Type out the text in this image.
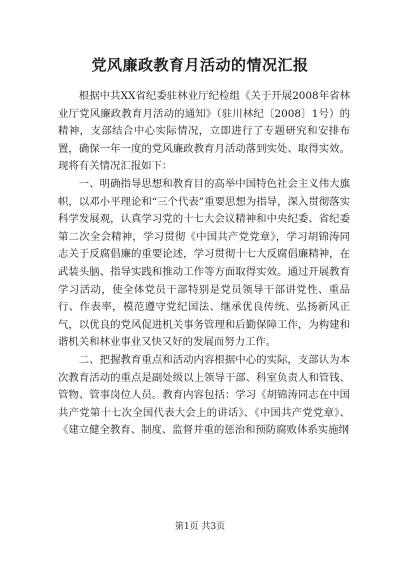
党风廉政教育月活动的情况汇报

根据中共XX省纪委驻林业厅纪检组《关于开展2008年省林业厅党风廉政教育月活动的通知》（驻川林纪〔2008〕1号）的精神，支部结合中心实际情况，立即进行了专题研究和安排布置，确保一年一度的党风廉政教育月活动落到实处、取得实效。现将有关情况汇报如下：

一、明确指导思想和教育目的高举中国特色社会主义伟大旗帜，以邓小平理论和“三个代表”重要思想为指导，深入贯彻落实科学发展观，认真学习党的十七大会议精神和中央纪委、省纪委第二次全会精神，学习贯彻《中国共产党党章》，学习胡锦涛同志关于反腐倡廉的重要论述，学习贯彻十七大反腐倡廉精神，在武装头脑、指导实践和推动工作等方面取得实效。通过开展教育学习活动，使全体党员干部特别是党员领导干部讲党性、重品行、作表率，模范遵守党纪国法、继承优良传统、弘扬新风正气，以优良的党风促进机关事务管理和后勤保障工作，为构建和谐机关和林业事业又快又好的发展而努力工作。

二、把握教育重点和活动内容根据中心的实际，支部认为本次教育活动的重点是副处级以上领导干部、科室负责人和管钱、管物、管事岗位人员。教育内容包括：学习《胡锦涛同志在中国共产党第十七次全国代表大会上的讲话》、《中国共产党党章》、《建立健全教育、制度、监督并重的惩治和预防腐败体系实施纲

第1页 共3页
